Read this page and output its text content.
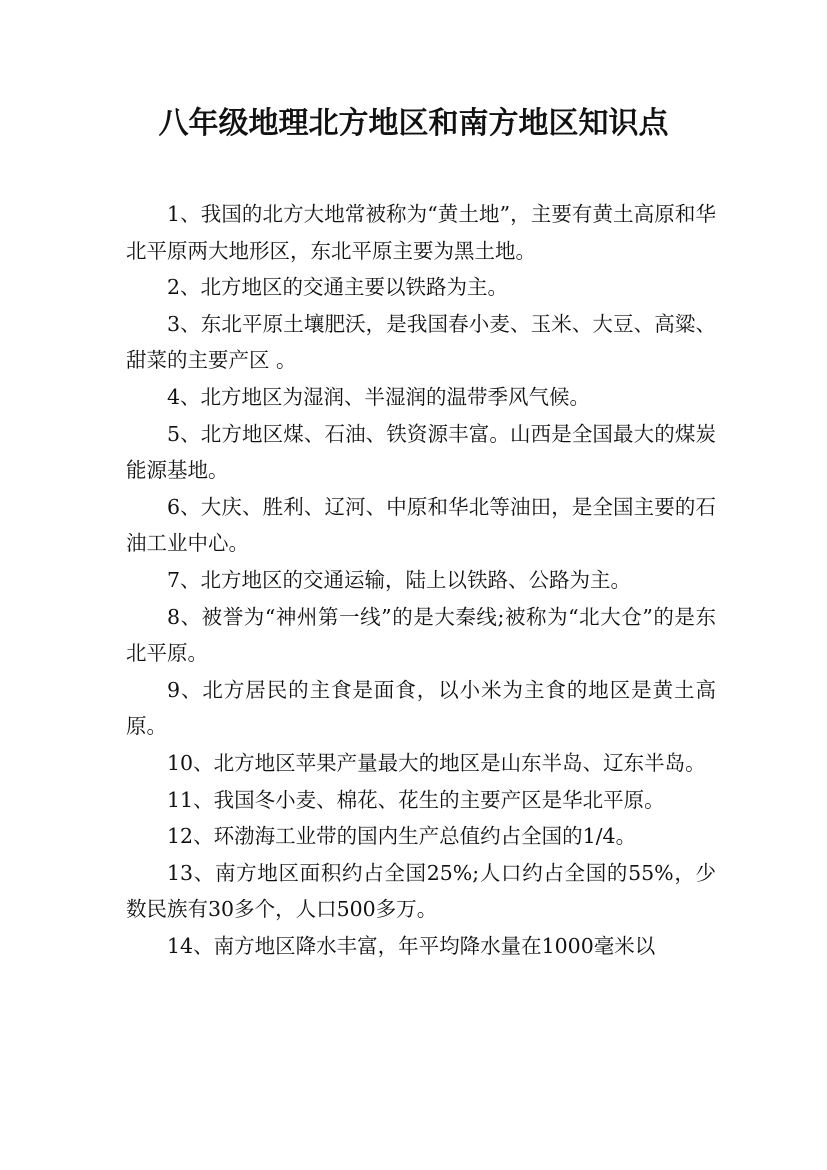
八年级地理北方地区和南方地区知识点

1、我国的北方大地常被称为“黄土地”，主要有黄土高原和华北平原两大地形区，东北平原主要为黑土地。

2、北方地区的交通主要以铁路为主。

3、东北平原土壤肥沃，是我国春小麦、玉米、大豆、高粱、甜菜的主要产区 。

4、北方地区为湿润、半湿润的温带季风气候。

5、北方地区煤、石油、铁资源丰富。山西是全国最大的煤炭能源基地。

6、大庆、胜利、辽河、中原和华北等油田，是全国主要的石油工业中心。

7、北方地区的交通运输，陆上以铁路、公路为主。

8、被誉为“神州第一线”的是大秦线;被称为“北大仓”的是东北平原。

9、北方居民的主食是面食，以小米为主食的地区是黄土高原。

10、北方地区苹果产量最大的地区是山东半岛、辽东半岛。

11、我国冬小麦、棉花、花生的主要产区是华北平原。

12、环渤海工业带的国内生产总值约占全国的1/4。

13、南方地区面积约占全国25%;人口约占全国的55%，少数民族有30多个，人口500多万。

14、南方地区降水丰富，年平均降水量在1000毫米以
